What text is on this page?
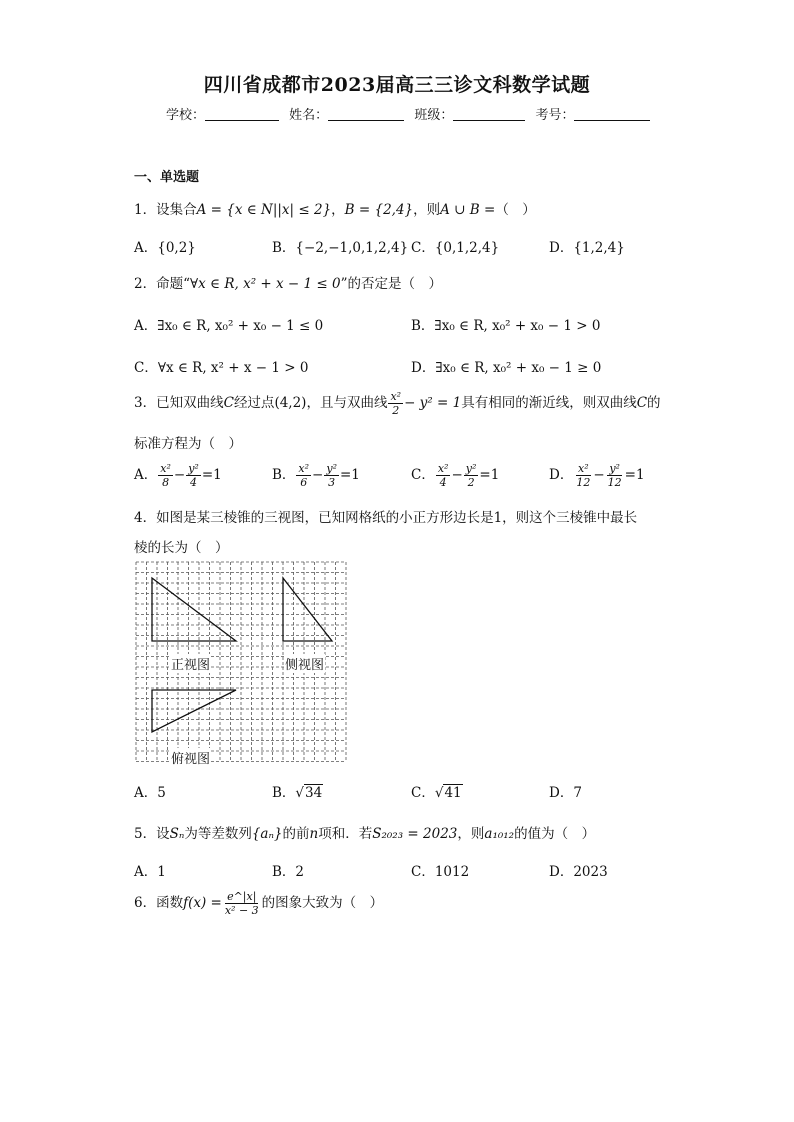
四川省成都市2023届高三三诊文科数学试题
学校：	姓名：	班级：	考号：
一、单选题
1．设集合A = {x ∈ N||x| ≤ 2}，B = {2,4}，则A ∪ B =（　）
A．{0,2}	B．{−2,−1,0,1,2,4} C．{0,1,2,4}	D．{1,2,4}
2．命题“∀x ∈ R, x² + x − 1 ≤ 0”的否定是（　）
A．∃x₀ ∈ R, x₀² + x₀ − 1 ≤ 0	B．∃x₀ ∈ R, x₀² + x₀ − 1 > 0
C．∀x ∈ R, x² + x − 1 > 0	D．∃x₀ ∈ R, x₀² + x₀ − 1 ≥ 0
3．已知双曲线C经过点(4,2)，且与双曲线 $\frac{\text{x²}}{2} - y^2 = 1$具有相同的渐近线，则双曲线C的
标准方程为（　）
A． $\frac{\text{x²}}{8} - \frac{\text{y²}}{4} =1$	B． $\frac{\text{x²}}{6} - \frac{\text{y²}}{3} =1$	C． $\frac{\text{x²}}{4} - \frac{\text{y²}}{2} =1$	D． $\frac{\text{x²}}{12} - \frac{\text{y²}}{12} =1$
4．如图是某三棱锥的三视图，已知网格纸的小正方形边长是1，则这个三棱锥中最长
棱的长为（　）
正视图	侧视图
俯视图
A．5	B．√34	C．√41	D．7
5．设Sₙ为等差数列{aₙ}的前n项和．若S₂₀₂₃ = 2023，则a₁₀₁₂的值为（　）
A．1	B．2	C．1012	D．2023
6．函数$f(x) = \frac{e\^{}|x|}{\text{x² − 3}}$ 的图象大致为（　）
